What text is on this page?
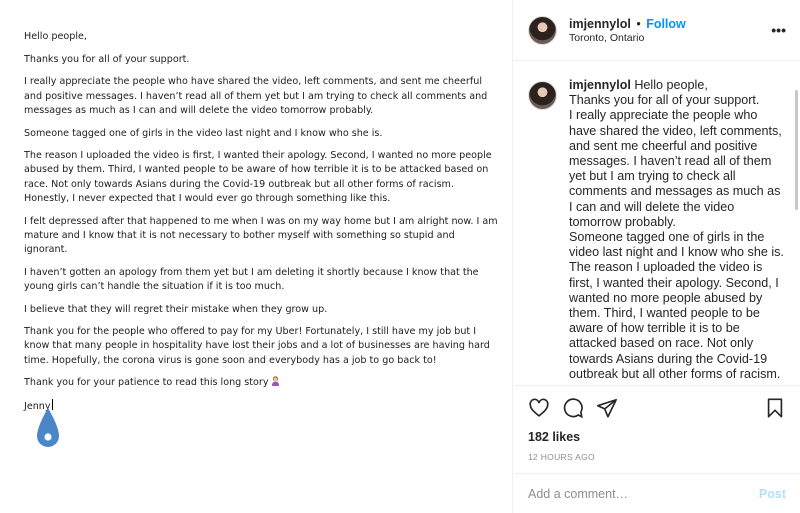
Hello people,

Thanks you for all of your support.

I really appreciate the people who have shared the video, left comments, and sent me cheerful and positive messages. I haven’t read all of them yet but I am trying to check all comments and messages as much as I can and will delete the video tomorrow probably.

Someone tagged one of girls in the video last night and I know who she is.

The reason I uploaded the video is first, I wanted their apology. Second, I wanted no more people abused by them. Third, I wanted people to be aware of how terrible it is to be attacked based on race. Not only towards Asians during the Covid-19 outbreak but all other forms of racism. Honestly, I never expected that I would ever go through something like this.

I felt depressed after that happened to me when I was on my way home but I am alright now. I am mature and I know that it is not necessary to bother myself with something so stupid and ignorant.

I haven’t gotten an apology from them yet but I am deleting it shortly because I know that the young girls can’t handle the situation if it is too much.

I believe that they will regret their mistake when they grow up.

Thank you for the people who offered to pay for my Uber! Fortunately, I still have my job but I know that many people in hospitality have lost their jobs and a lot of businesses are having hard time. Hopefully, the corona virus is gone soon and everybody has a job to go back to!

Thank you for your patience to read this long story

Jenny

imjennylol • Follow
Toronto, Ontario	•••
imjennylol Hello people,
Thanks you for all of your support.
I really appreciate the people who have shared the video, left comments, and sent me cheerful and positive messages. I haven’t read all of them yet but I am trying to check all comments and messages as much as I can and will delete the video tomorrow probably.
Someone tagged one of girls in the video last night and I know who she is.
The reason I uploaded the video is first, I wanted their apology. Second, I wanted no more people abused by them. Third, I wanted people to be aware of how terrible it is to be attacked based on race. Not only towards Asians during the Covid-19 outbreak but all other forms of racism.
182 likes
12 HOURS AGO
Add a comment…
Post
